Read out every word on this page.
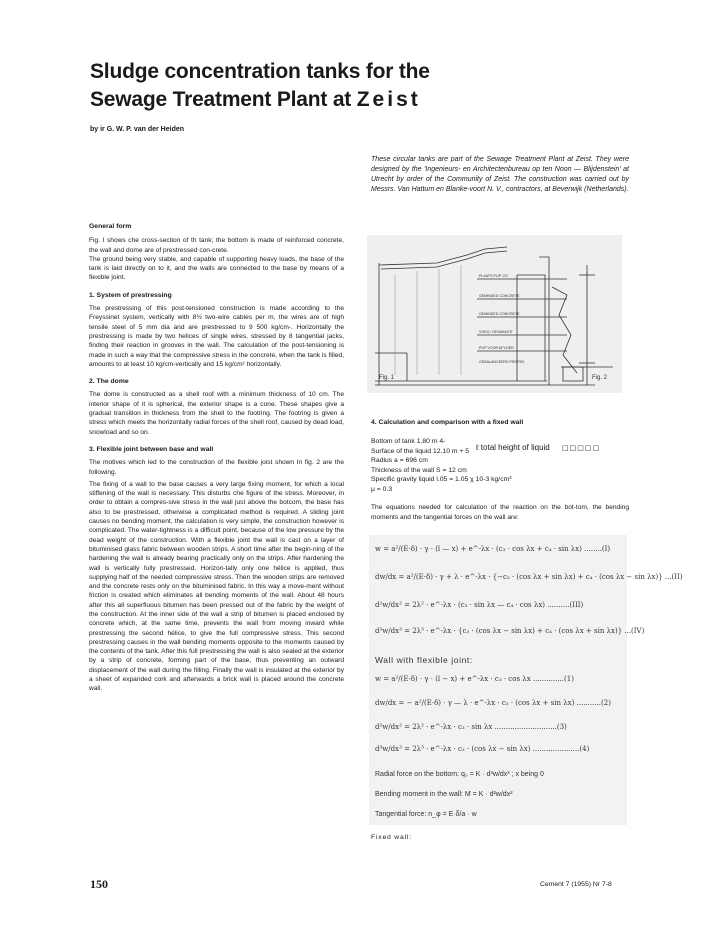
Sludge concentration tanks for the
Sewage Treatment Plant at Zeist
by ir G. W. P. van der Heiden
These circular tanks are part of the Sewage Treatment Plant at Zeist. They were designed by the 'Ingenieurs- en Architectenbureau op ten Noon — Blijdenstein' at Utrecht by order of the Community of Zeist. The construction was carried out by Messrs. Van Hattum en Blanke-voort N. V., contractors, at Beverwijk (Netherlands).
General form

Fig. I shows che cross-section of th tank; the bottom is made of reinforced concrete, the wall and dome are of prestressed con-crete.

The ground being very stable, and capable of supporting heavy loads, the base of the tank is laid directly on to it, and the walls are connected to the base by means of a flexible joint.

1. System of prestressing

The prestressing of this post-tensioned construction is made according to the Freyssinet system, vertically with 8½ two-wire cables per m, the wires are of high tensile steel of 5 mm dia and are prestressed to 9 500 kg/cm-. Horizontally the prestressing is made by two helices of single wires, stressed by 8 tangential jacks, finding their reaction in grooves in the wall. The calculation of the post-tensioning is made in such a way that the compressive stress in the concrete, when the tank is filled, amounts to at least 10 kg/cm-vertically and 15 kg/cm² horizontally.

2. The dome

The dome is constructed as a shell roof with a minimum thickness of 10 cm. The interior shape of it is spherical, the exterior shape is a cone. These shapes give a gradual transition in thickness from the shell to the footring. The footring is given a stress which meets the horizontally radial forces of the shell roof, caused by dead load, snowload and so on.

3. Flexible joint between base and wall

The motives which led to the construction of the flexible joist shown In fig. 2 are the following.

The fixing of a wall to the base causes a very large fixing moment, for which a local stiffening of the wall is necessary. This disturbs che figure of the stress. Moreover, in order to obtain a compres-sive stress in the wall just above the botcom, the base has also to be prestressed, otherwise a complicated method is required. A sliding joint causes no bending moment, the calculation is very simple, the construction however is complicated. The water-tightness is a difficult point, because of the low pressure by the dead weight of the construction. With a flexible joint the wall is cast on a layer of bituminised glass fabric between wooden strips. A short time after the begin-ning of the hardening the wall is already bearing practically only on the strips. After hardening the wall is vertically fully prestressed. Horizon-tally only one hélice is applied, thus supplying half of the needed compressive stress. Then the wooden strips are removed and the concrete rests only on the bituminised fabric. In this way a move-ment without friction is created which eliminates all bending moments of the wall. About 48 hours after this all superfluous bitumen has been pressed out of the fabric by the weight of the construction. At the inner side of the wall a strip of bitumen is placed enclosed by concrete which, at the same time, prevents the wall from moving inward while prestressing the second hélice, to give the full compressive stress. This second prestressing causes in the wall bending moments opposite to the moments caused by the contents of the tank. After this full prestressing the wall is also sealed at the exterior by a strip of concrete, forming part of the base, thus preventing an outward displacement of the wall during the filling. Finally the wall is insulated at the exterior by a sheet of expanded cork and afterwards a brick wall is placed around the concrete wall.

Fig. 1	Fig. 2
PLAATS PIJP 1½"
GEMINDED CONCRETE
GEMINDED CONCRETE
VOEG / GEMANCHT
PIJP VOOR AFVOER
GEBALANCEERD PROFIEL
4. Calculation and comparison with a fixed wall
Bottom of tank 1.80 m 4-
Surface of the liquid 12.10 m + 5
Radius a = 696 cm
Thickness of the wall S = 12 cm
Specific gravity liquid l.05 = 1.05 χ 10-3 kg/cm³
μ = 0.3
ℓ total height of liquid □□□□□

The equations needed for calculation of the reaction on the bot-tom, the bending moments and the tangential forces on the wall are:

w = a²/(E·δ) · γ · (l — x) + e^-λx · (c₃ · cos λx + c₄ · sin λx) ........(I)
dw/dx = a²/(E·δ) · γ + λ · e^-λx · {−c₃ · (cos λx + sin λx) + c₄ · (cos λx − sin λx)} ...(II)
d²w/dx² = 2λ² · e^-λx · (c₃ · sin λx — c₄ · cos λx) ..........(III)
d³w/dx³ = 2λ³ · e^-λx · {c₃ · (cos λx − sin λx) + c₄ · (cos λx + sin λx)} ...(IV)
Wall with flexible joint:
w = a²/(E·δ) · γ · (l − x) + e^-λx · c₃ · cos λx ..............(1)
dw/dx = − a²/(E·δ) · γ — λ · e^-λx · c₃ · (cos λx + sin λx) ...........(2)
d²w/dx² = 2λ² · e^-λx · c₃ · sin λx ............................(3)
d³w/dx³ = 2λ³ · e^-λx · c₃ · (cos λx − sin λx) .....................(4)
Radial force on the bottom: q₀ = K · d³w/dx³ ; x being 0
Bending moment in the wall: M = K · d²w/dx²
Tangential force: n_φ = E·δ/a · w
Fixed wall:
150	Cement 7 (1955) Nr 7-8
